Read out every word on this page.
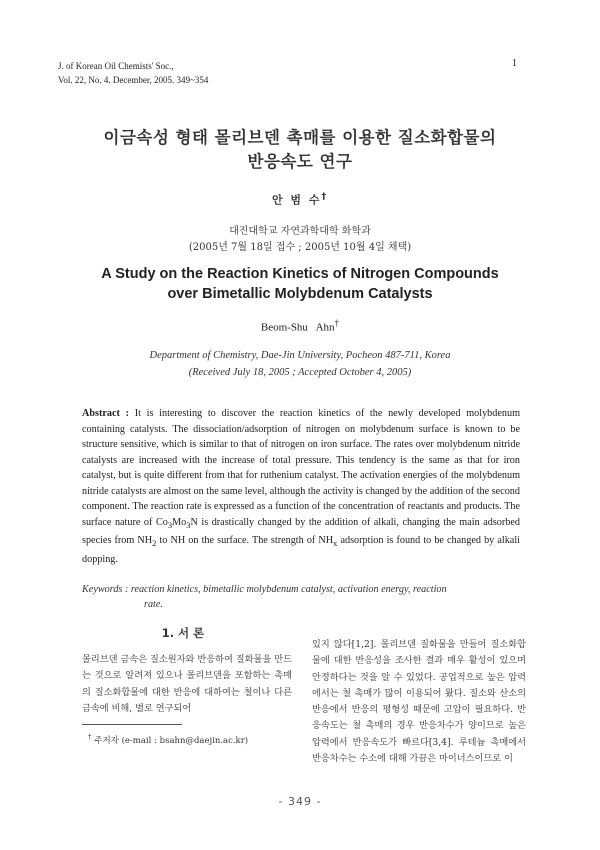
J. of Korean Oil Chemists' Soc.,
Vol. 22, No. 4. December, 2005. 349~354
1
이금속성 형태 몰리브덴 촉매를 이용한 질소화합물의
반응속도 연구
안 범 수†
대진대학교 자연과학대학 화학과
(2005년 7월 18일 접수 ; 2005년 10월 4일 채택)
A Study on the Reaction Kinetics of Nitrogen Compounds
over Bimetallic Molybdenum Catalysts
Beom-Shu   Ahn†
Department of Chemistry, Dae-Jin University, Pocheon 487-711, Korea
(Received July 18, 2005 ; Accepted October 4, 2005)
Abstract : It is interesting to discover the reaction kinetics of the newly developed molybdenum containing catalysts. The dissociation/adsorption of nitrogen on molybdenum surface is known to be structure sensitive, which is similar to that of nitrogen on iron surface. The rates over molybdenum nitride catalysts are increased with the increase of total pressure. This tendency is the same as that for iron catalyst, but is quite different from that for ruthenium catalyst. The activation energies of the molybdenum nitride catalysts are almost on the same level, although the activity is changed by the addition of the second component. The reaction rate is expressed as a function of the concentration of reactants and products. The surface nature of $Co_3Mo_3N$ is drastically changed by the addition of alkali, changing the main adsorbed species from $NH_2$ to NH on the surface. The strength of $NH_x$ adsorption is found to be changed by alkali dopping.
Keywords : reaction kinetics, bimetallic molybdenum catalyst, activation energy, reaction
rate.
1. 서 론
몰리브덴 금속은 질소원자와 반응하여 질화물을 만드는 것으로 알려져 있으나 몰리브덴을 포함하는 촉매의 질소화합물에 대한 반응에 대하여는 철이나 다른 금속에 비해, 별로 연구되어
있지 않다[1,2]. 몰리브덴 질화물을 만들어 질소화합물에 대한 반응성을 조사한 결과 매우 활성이 있으며 안정하다는 것을 알 수 있었다. 공업적으로 높은 압력에서는 철 촉매가 많이 이용되어 왔다. 질소와 산소의 반응에서 반응의 평형성 때문에 고압이 필요하다. 반응속도는 철 촉매의 경우 반응차수가 양이므로 높은 압력에서 반응속도가 빠르다[3,4]. 루테늄 촉매에서 반응차수는 수소에 대해 가끔은 마이너스이므로 이
† 주저자 (e-mail : bsahn@daejin.ac.kr)
- 349 -
